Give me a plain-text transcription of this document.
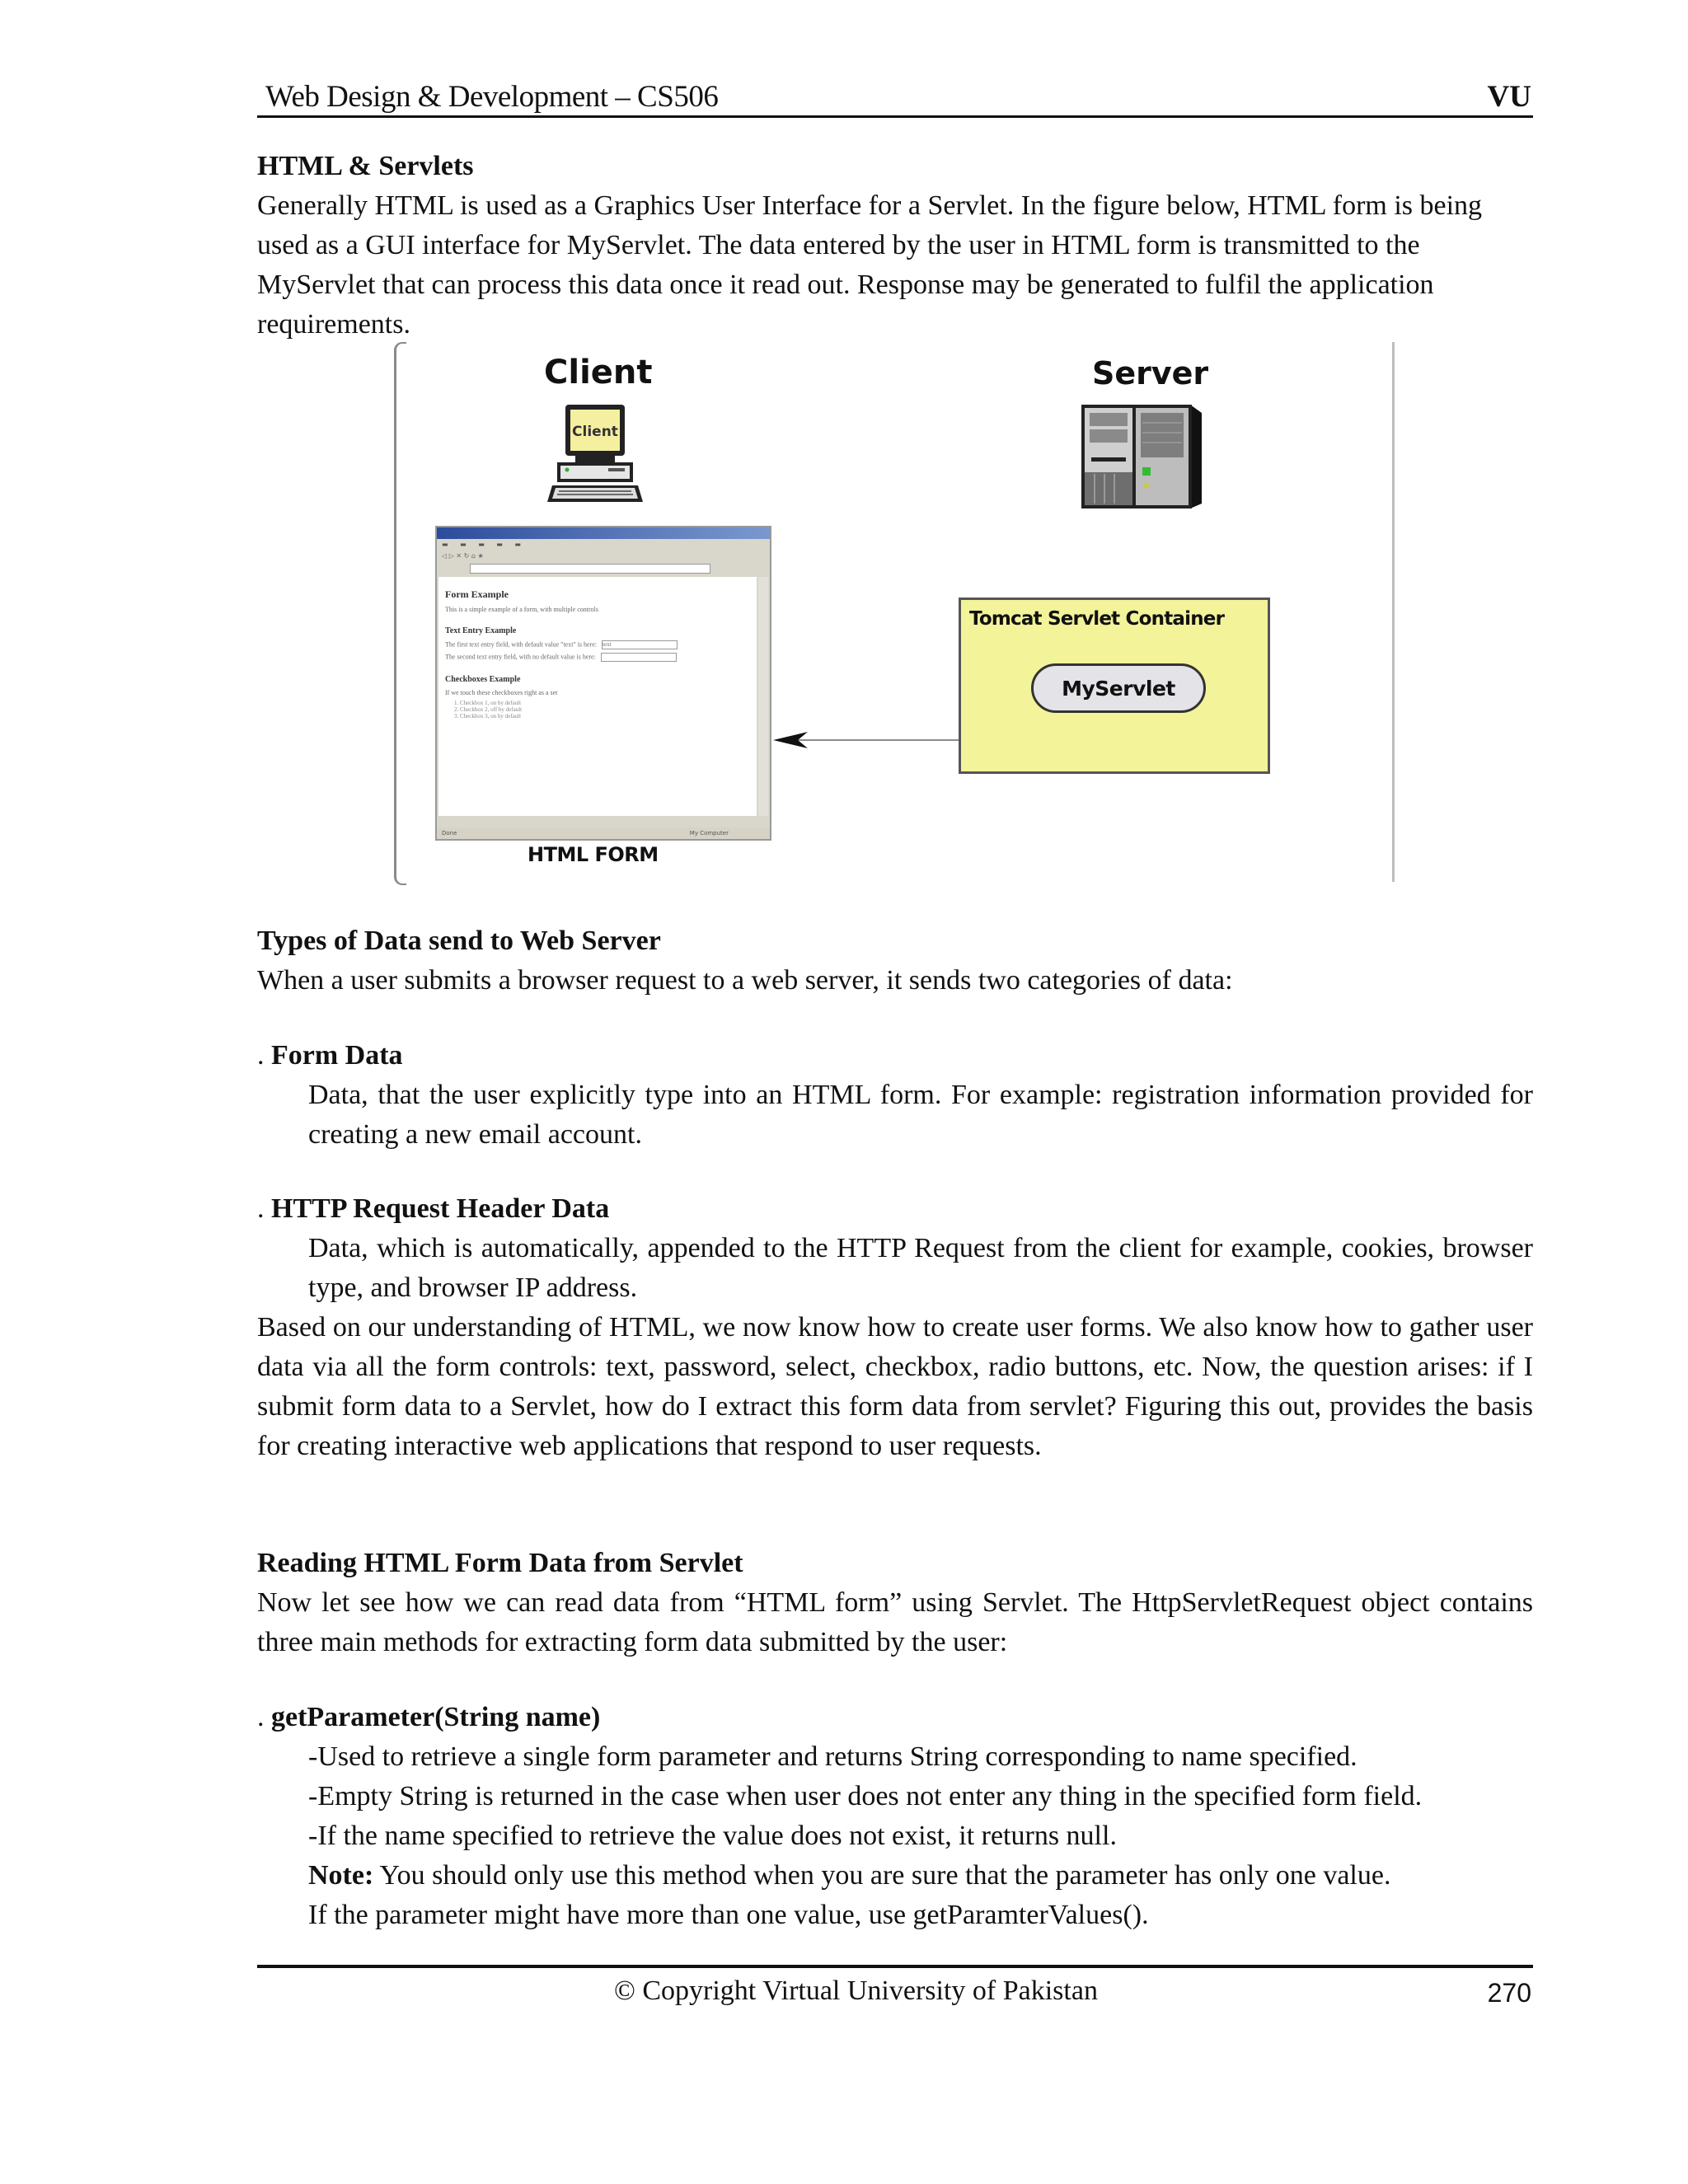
Web Design & Development – CS506	VU
HTML & Servlets
Generally HTML is used as a Graphics User Interface for a Servlet. In the figure below, HTML form is being used as a GUI interface for MyServlet. The data entered by the user in HTML form is transmitted to the MyServlet that can process this data once it read out. Response may be generated to fulfil the application requirements.
Client
Client
Server

▬ ▬ ▬ ▬ ▬
◁ ▷ ✕ ↻ ⌂ ★
Form Example
This is a simple example of a form, with multiple controls
Text Entry Example
The first text entry field, with default value "text" is here: text
The second text entry field, with no default value is here:
Checkboxes Example
If we touch these checkboxes right as a set
1. Checkbox 1, on by default
2. Checkbox 2, off by default
3. Checkbox 3, on by default
Done	My Computer
HTML FORM
Tomcat Servlet Container
MyServlet
Types of Data send to Web Server
When a user submits a browser request to a web server, it sends two categories of data:
. Form Data
Data, that the user explicitly type into an HTML form. For example: registration information provided for creating a new email account.
. HTTP Request Header Data
Data, which is automatically, appended to the HTTP Request from the client for example, cookies, browser type, and browser IP address.
Based on our understanding of HTML, we now know how to create user forms. We also know how to gather user data via all the form controls: text, password, select, checkbox, radio buttons, etc. Now, the question arises: if I submit form data to a Servlet, how do I extract this form data from servlet? Figuring this out, provides the basis for creating interactive web applications that respond to user requests.
Reading HTML Form Data from Servlet
Now let see how we can read data from “HTML form” using Servlet. The HttpServletRequest object contains three main methods for extracting form data submitted by the user:
. getParameter(String name)
-Used to retrieve a single form parameter and returns String corresponding to name specified.
-Empty String is returned in the case when user does not enter any thing in the specified form field.
-If the name specified to retrieve the value does not exist, it returns null.
Note: You should only use this method when you are sure that the parameter has only one value.
If the parameter might have more than one value, use getParamterValues().
© Copyright Virtual University of Pakistan	270
